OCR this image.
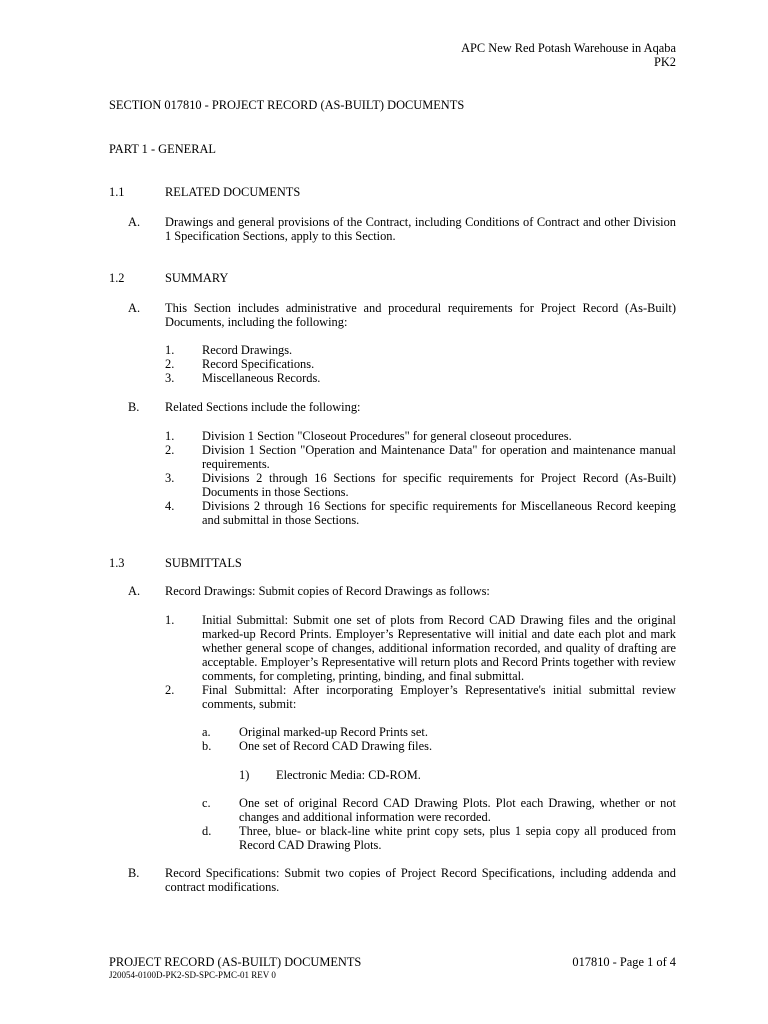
APC New Red Potash Warehouse in Aqaba
PK2
SECTION 017810 - PROJECT RECORD (AS-BUILT) DOCUMENTS
PART 1 - GENERAL
1.1	RELATED DOCUMENTS
A. Drawings and general provisions of the Contract, including Conditions of Contract and other Division 1 Specification Sections, apply to this Section.
1.2	SUMMARY
A. This Section includes administrative and procedural requirements for Project Record (As-Built) Documents, including the following:
1. Record Drawings.
2. Record Specifications.
3. Miscellaneous Records.
B. Related Sections include the following:
1. Division 1 Section "Closeout Procedures" for general closeout procedures.
2. Division 1 Section "Operation and Maintenance Data" for operation and maintenance manual requirements.
3. Divisions 2 through 16 Sections for specific requirements for Project Record (As-Built) Documents in those Sections.
4. Divisions 2 through 16 Sections for specific requirements for Miscellaneous Record keeping and submittal in those Sections.
1.3	SUBMITTALS
A. Record Drawings: Submit copies of Record Drawings as follows:
1. Initial Submittal: Submit one set of plots from Record CAD Drawing files and the original marked-up Record Prints. Employer’s Representative will initial and date each plot and mark whether general scope of changes, additional information recorded, and quality of drafting are acceptable. Employer’s Representative will return plots and Record Prints together with review comments, for completing, printing, binding, and final submittal.
2. Final Submittal: After incorporating Employer’s Representative's initial submittal review comments, submit:
a. Original marked-up Record Prints set.
b. One set of Record CAD Drawing files.
1) Electronic Media: CD-ROM.
c. One set of original Record CAD Drawing Plots. Plot each Drawing, whether or not changes and additional information were recorded.
d. Three, blue- or black-line white print copy sets, plus 1 sepia copy all produced from Record CAD Drawing Plots.
B. Record Specifications: Submit two copies of Project Record Specifications, including addenda and contract modifications.
PROJECT RECORD (AS-BUILT) DOCUMENTS	017810 - Page 1 of 4
J20054-0100D-PK2-SD-SPC-PMC-01 REV 0
